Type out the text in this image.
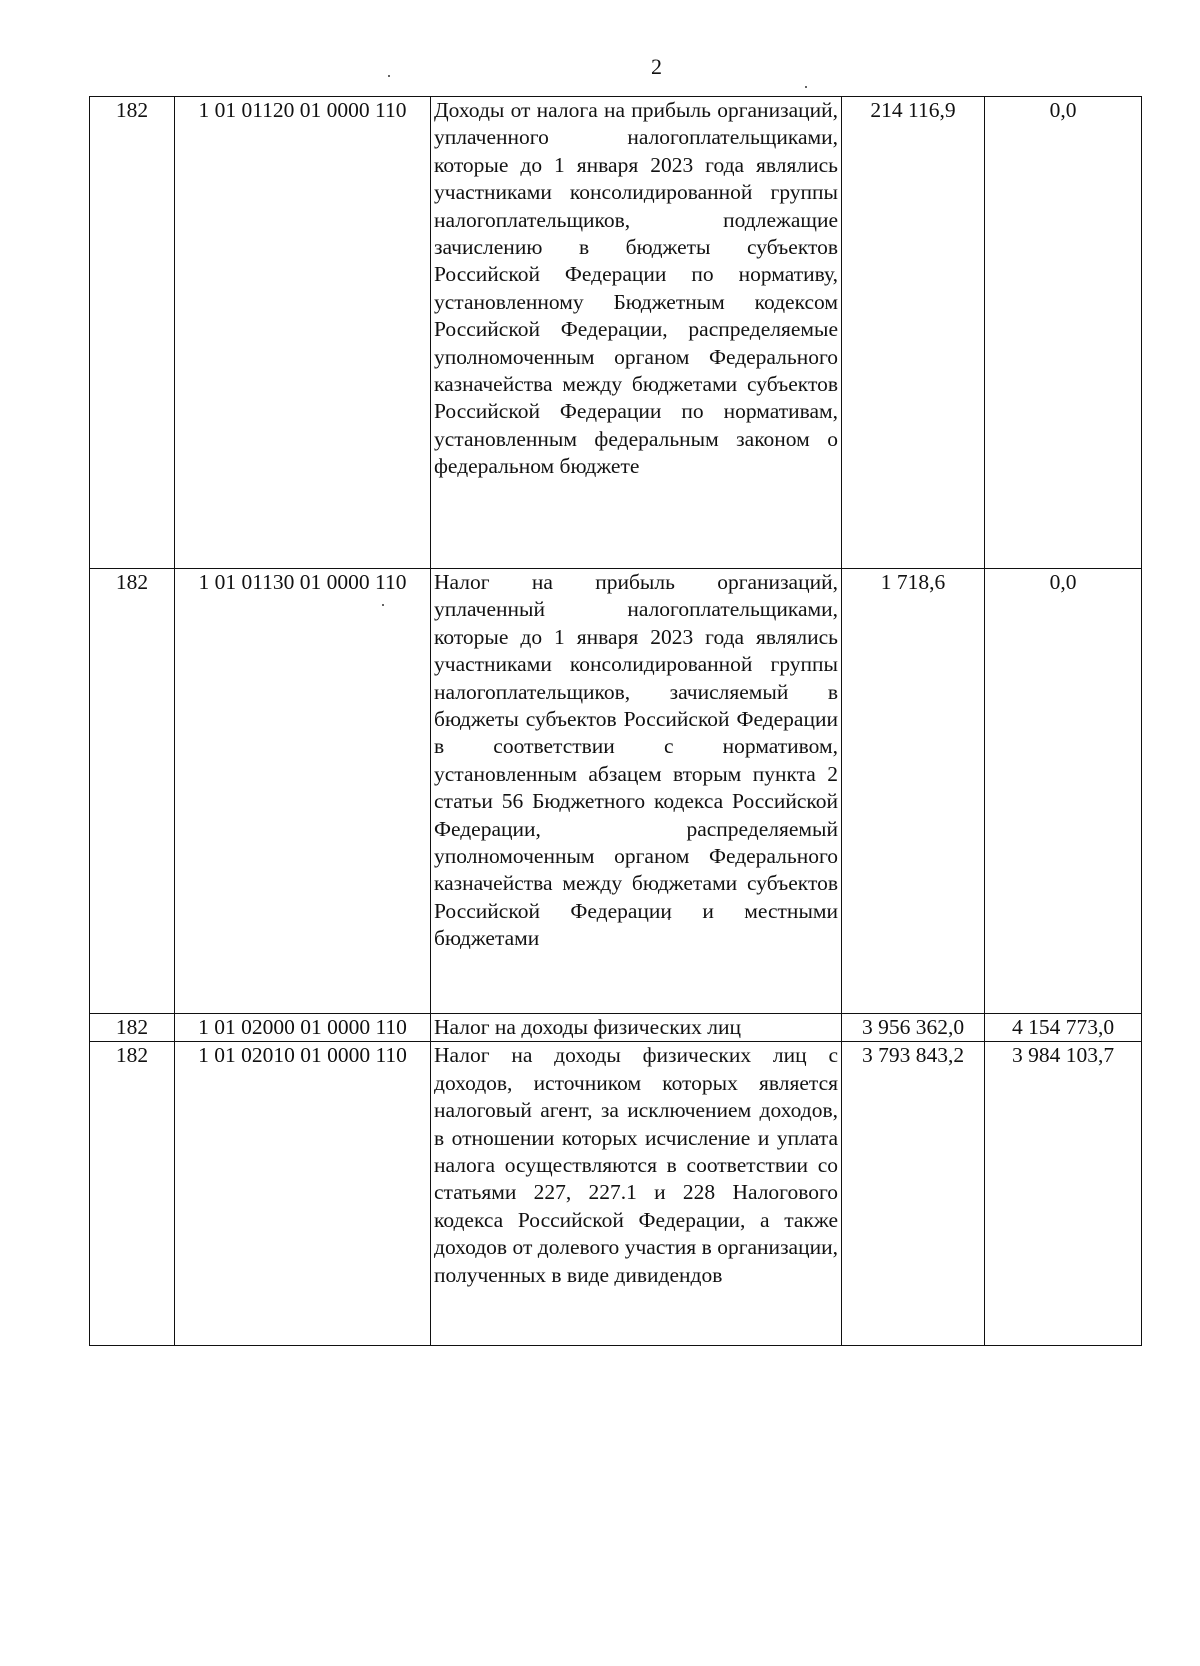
2
182	1 01 01120 01 0000 110	Доходы от налога на прибыль организаций, уплаченного налогоплательщиками, которые до 1 января 2023 года являлись участниками консолидированной группы налогоплательщиков, подлежащие зачислению в бюджеты субъектов Российской Федерации по нормативу, установленному Бюджетным кодексом Российской Федерации, распределяемые уполномоченным органом Федерального казначейства между бюджетами субъектов Российской Федерации по нормативам, установленным федеральным законом о федеральном бюджете	214 116,9	0,0
182	1 01 01130 01 0000 110	Налог на прибыль организаций, уплаченный налогоплательщиками, которые до 1 января 2023 года являлись участниками консолидированной группы налогоплательщиков, зачисляемый в бюджеты субъектов Российской Федерации в соответствии с нормативом, установленным абзацем вторым пункта 2 статьи 56 Бюджетного кодекса Российской Федерации, распределяемый уполномоченным органом Федерального казначейства между бюджетами субъектов Российской Федерации и местными бюджетами	1 718,6	0,0
182	1 01 02000 01 0000 110	Налог на доходы физических лиц	3 956 362,0	4 154 773,0
182	1 01 02010 01 0000 110	Налог на доходы физических лиц с доходов, источником которых является налоговый агент, за исключением доходов, в отношении которых исчисление и уплата налога осуществляются в соответствии со статьями 227, 227.1 и 228 Налогового кодекса Российской Федерации, а также доходов от долевого участия в организации, полученных в виде дивидендов	3 793 843,2	3 984 103,7
